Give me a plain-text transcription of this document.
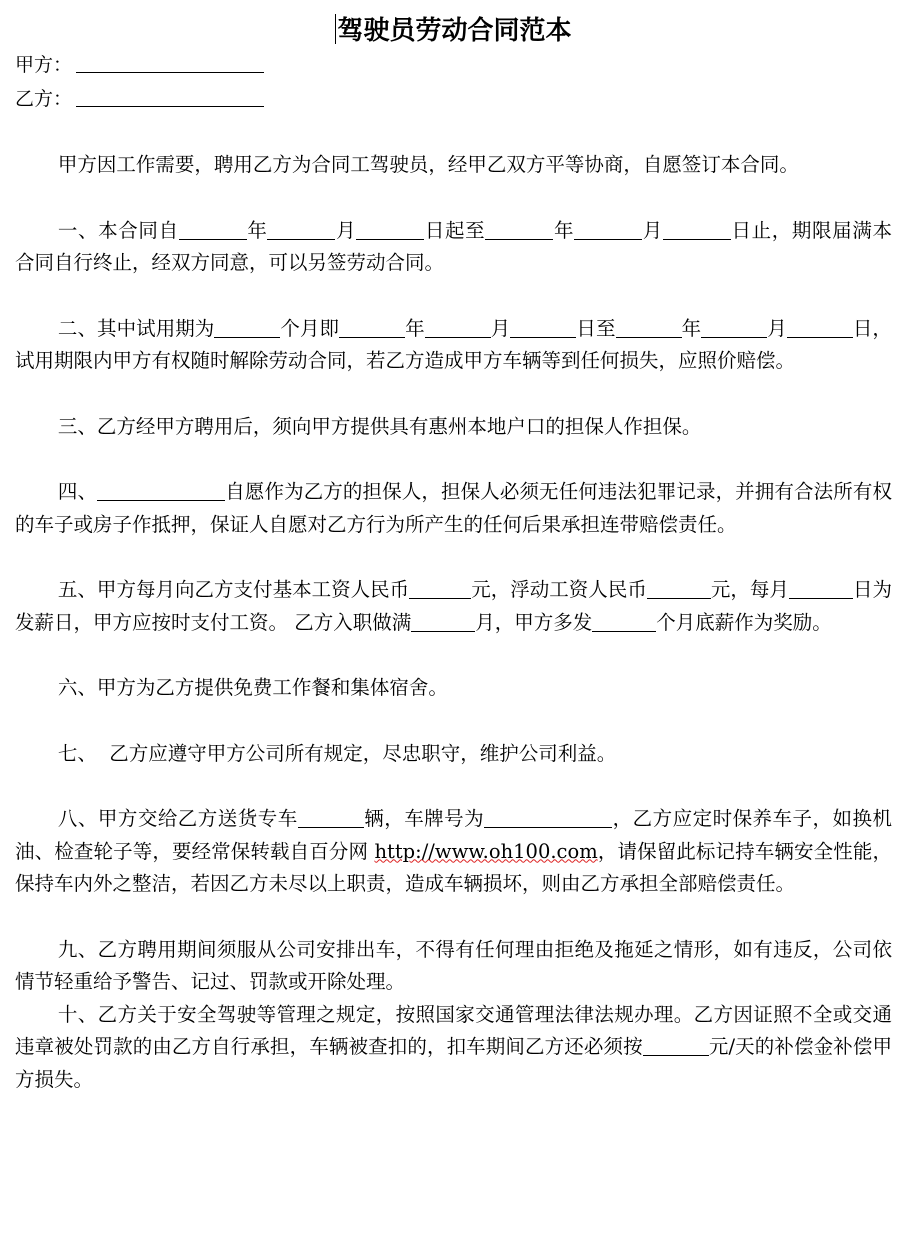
驾驶员劳动合同范本
甲方：
乙方：

甲方因工作需要，聘用乙方为合同工驾驶员，经甲乙双方平等协商，自愿签订本合同。

一、本合同自	年	月	日起至	年	月	日止，期限届满本合同自行终止，经双方同意，可以另签劳动合同。

二、其中试用期为	个月即	年	月	日至	年	月	日，试用期限内甲方有权随时解除劳动合同，若乙方造成甲方车辆等到任何损失，应照价赔偿。

三、乙方经甲方聘用后，须向甲方提供具有惠州本地户口的担保人作担保。

四、	自愿作为乙方的担保人，担保人必须无任何违法犯罪记录，并拥有合法所有权的车子或房子作抵押，保证人自愿对乙方行为所产生的任何后果承担连带赔偿责任。

五、甲方每月向乙方支付基本工资人民币	元，浮动工资人民币	元，每月	日为发薪日，甲方应按时支付工资。 乙方入职做满	月，甲方多发	个月底薪作为奖励。

六、甲方为乙方提供免费工作餐和集体宿舍。

七、  乙方应遵守甲方公司所有规定，尽忠职守，维护公司利益。

八、甲方交给乙方送货专车	辆，车牌号为	，乙方应定时保养车子，如换机油、检查轮子等，要经常保转载自百分网 http://www.oh100.com，请保留此标记持车辆安全性能，保持车内外之整洁，若因乙方未尽以上职责，造成车辆损坏，则由乙方承担全部赔偿责任。

九、乙方聘用期间须服从公司安排出车，不得有任何理由拒绝及拖延之情形，如有违反，公司依情节轻重给予警告、记过、罚款或开除处理。

十、乙方关于安全驾驶等管理之规定，按照国家交通管理法律法规办理。乙方因证照不全或交通违章被处罚款的由乙方自行承担，车辆被查扣的，扣车期间乙方还必须按	元/天的补偿金补偿甲方损失。
